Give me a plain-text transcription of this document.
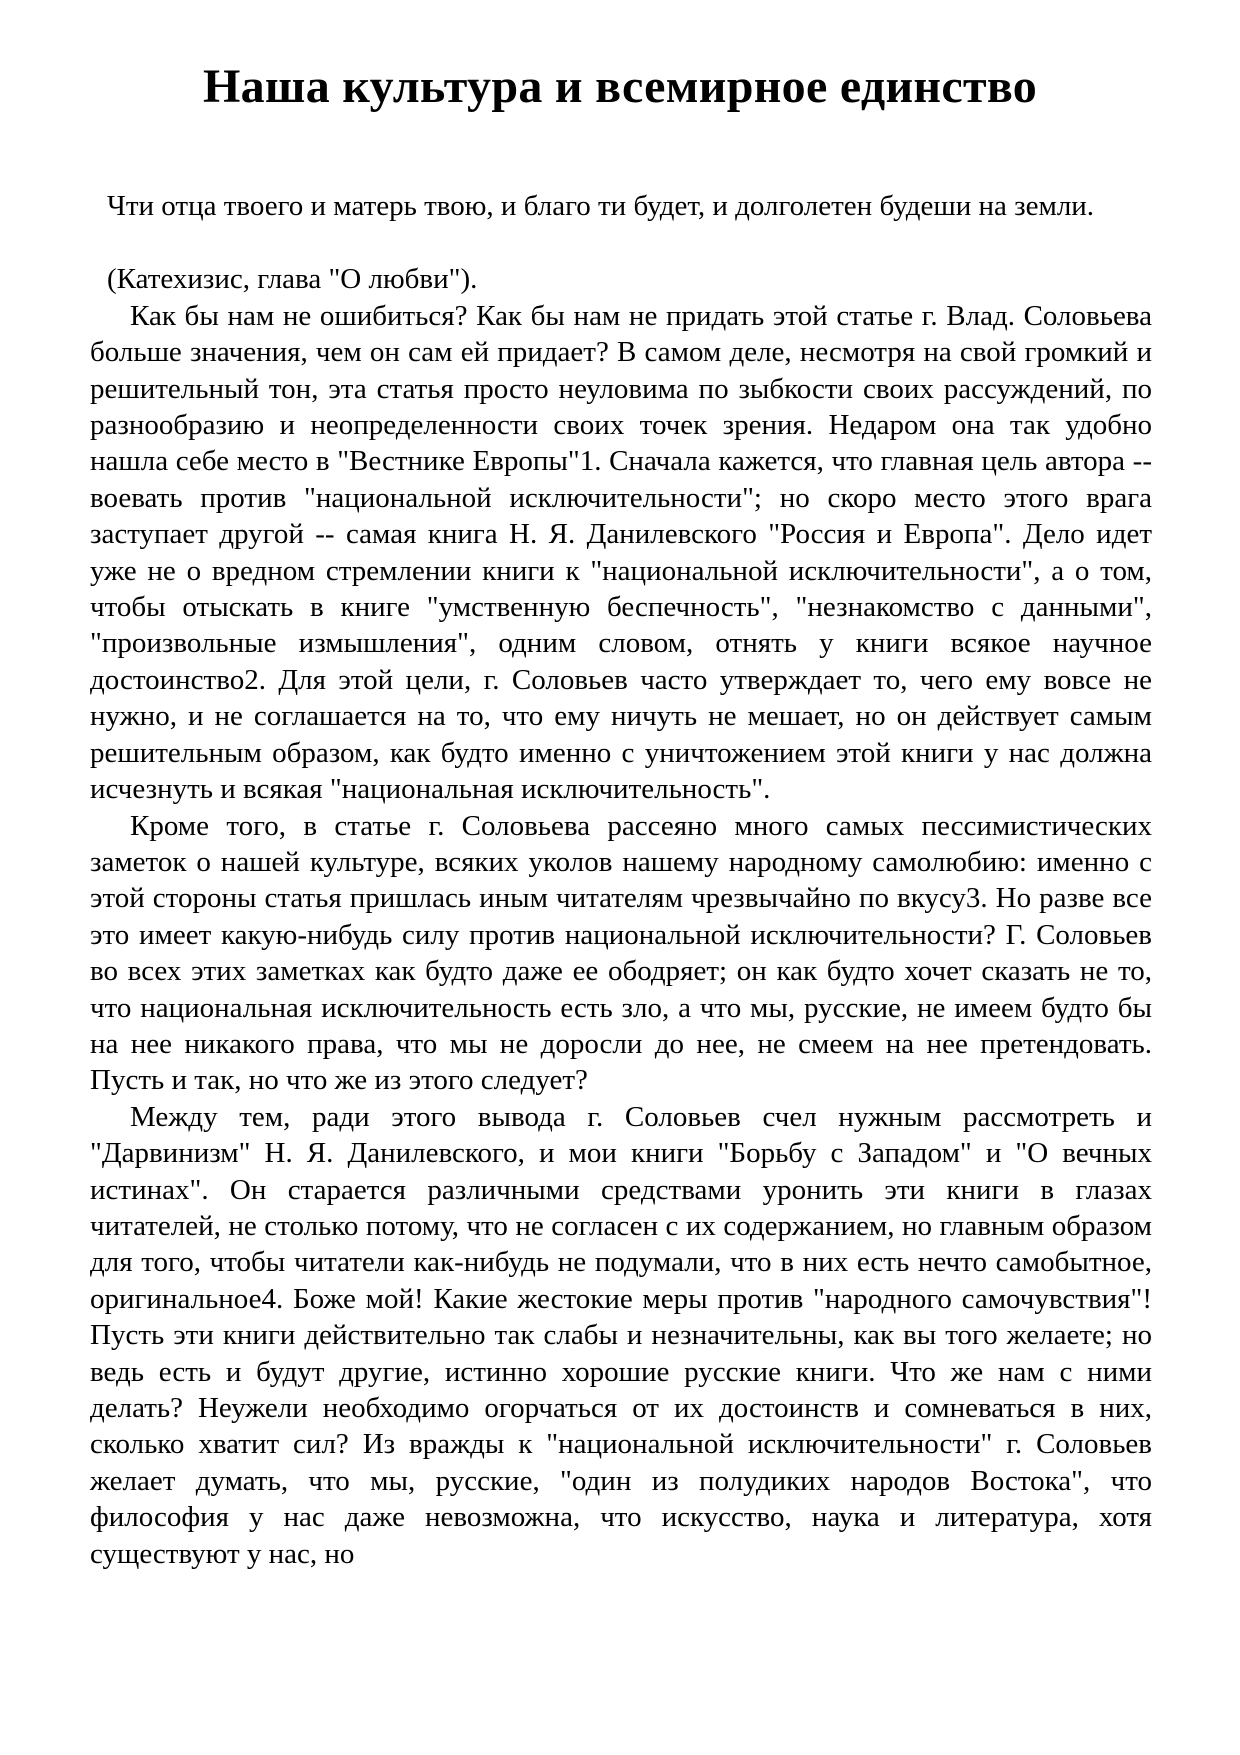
Наша культура и всемирное единство

Чти отца твоего и матерь твою, и благо ти будет, и долголетен будеши на земли.

(Катехизис, глава "О любви").

Как бы нам не ошибиться? Как бы нам не придать этой статье г. Влад. Соловьева больше значения, чем он сам ей придает? В самом деле, несмотря на свой громкий и решительный тон, эта статья просто неуловима по зыбкости своих рассуждений, по разнообразию и неопределенности своих точек зрения. Недаром она так удобно нашла себе место в "Вестнике Европы"1. Сначала кажется, что главная цель автора -- воевать против "национальной исключительности"; но скоро место этого врага заступает другой -- самая книга Н. Я. Данилевского "Россия и Европа". Дело идет уже не о вредном стремлении книги к "национальной исключительности", а о том, чтобы отыскать в книге "умственную беспечность", "незнакомство с данными", "произвольные измышления", одним словом, отнять у книги всякое научное достоинство2. Для этой цели, г. Соловьев часто утверждает то, чего ему вовсе не нужно, и не соглашается на то, что ему ничуть не мешает, но он действует самым решительным образом, как будто именно с уничтожением этой книги у нас должна исчезнуть и всякая "национальная исключительность".

Кроме того, в статье г. Соловьева рассеяно много самых пессимистических заметок о нашей культуре, всяких уколов нашему народному самолюбию: именно с этой стороны статья пришлась иным читателям чрезвычайно по вкусу3. Но разве все это имеет какую-нибудь силу против национальной исключительности? Г. Соловьев во всех этих заметках как будто даже ее ободряет; он как будто хочет сказать не то, что национальная исключительность есть зло, а что мы, русские, не имеем будто бы на нее никакого права, что мы не доросли до нее, не смеем на нее претендовать. Пусть и так, но что же из этого следует?

Между тем, ради этого вывода г. Соловьев счел нужным рассмотреть и "Дарвинизм" Н. Я. Данилевского, и мои книги "Борьбу с Западом" и "О вечных истинах". Он старается различными средствами уронить эти книги в глазах читателей, не столько потому, что не согласен с их содержанием, но главным образом для того, чтобы читатели как-нибудь не подумали, что в них есть нечто самобытное, оригинальное4. Боже мой! Какие жестокие меры против "народного самочувствия"! Пусть эти книги действительно так слабы и незначительны, как вы того желаете; но ведь есть и будут другие, истинно хорошие русские книги. Что же нам с ними делать? Неужели необходимо огорчаться от их достоинств и сомневаться в них, сколько хватит сил? Из вражды к "национальной исключительности" г. Соловьев желает думать, что мы, русские, "один из полудиких народов Востока", что философия у нас даже невозможна, что искусство, наука и литература, хотя существуют у нас, но
